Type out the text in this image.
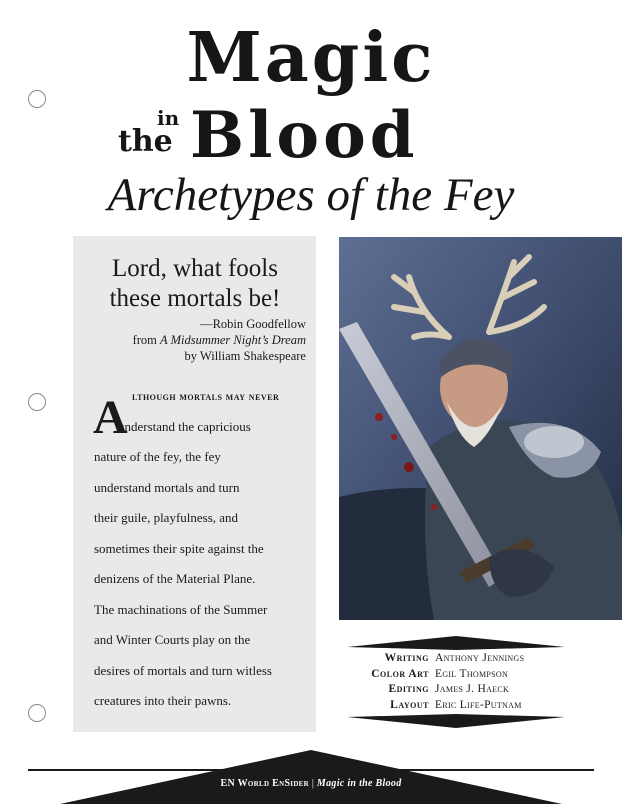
Magic
in
the Blood
Archetypes of the Fey
Lord, what fools
these mortals be!
—Robin Goodfellow
from A Midsummer Night’s Dream
by William Shakespeare
A lthough mortals may never
understand the capricious
nature of the fey, the fey
understand mortals and turn
their guile, playfulness, and
sometimes their spite against the
denizens of the Material Plane.
The machinations of the Summer
and Winter Courts play on the
desires of mortals and turn witless
creatures into their pawns.
Writing Anthony Jennings
Color Art Egil Thompson
Editing James J. Haeck
Layout Eric Life-Putnam
EN World EnSider | Magic in the Blood
